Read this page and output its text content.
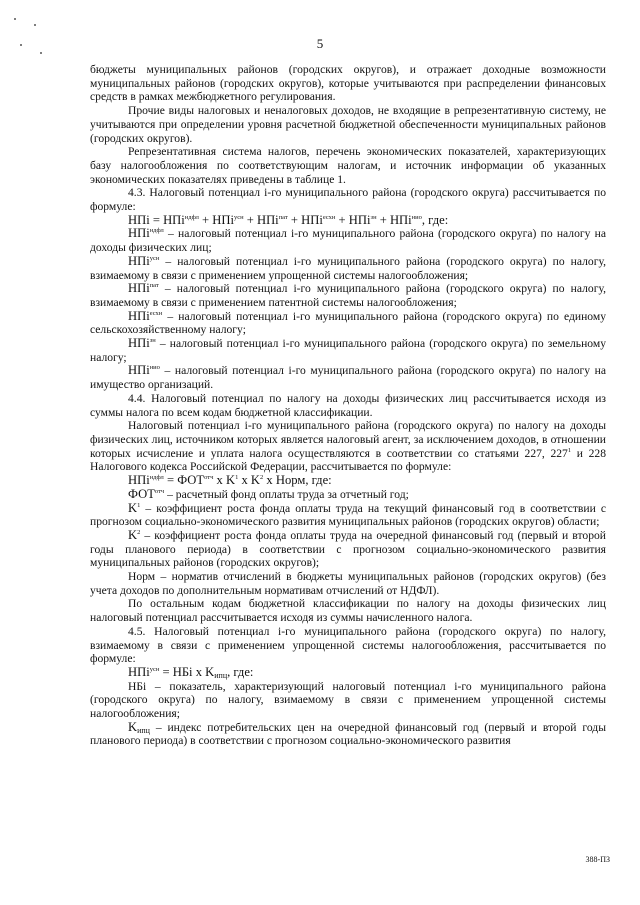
5

бюджеты муниципальных районов (городских округов), и отражает доходные возможности муниципальных районов (городских округов), которые учитываются при распределении финансовых средств в рамках межбюджетного регулирования.

Прочие виды налоговых и неналоговых доходов, не входящие в репрезентативную систему, не учитываются при определении уровня расчетной бюджетной обеспеченности муниципальных районов (городских округов).

Репрезентативная система налогов, перечень экономических показателей, характеризующих базу налогообложения по соответствующим налогам, и источник информации об указанных экономических показателях приведены в таблице 1.

4.3. Налоговый потенциал i-го муниципального района (городского округа) рассчитывается по формуле:

НПi = НПi$^{ндфл}$ + НПi$^{усн}$ + НПi$^{пат}$ + НПi$^{есхн}$ + НПi$^{зн}$ + НПi$^{нио}$, где:

НПi$^{ндфл}$ – налоговый потенциал i-го муниципального района (городского округа) по налогу на доходы физических лиц;

НПi$^{усн}$ – налоговый потенциал i-го муниципального района (городского округа) по налогу, взимаемому в связи с применением упрощенной системы налогообложения;

НПi$^{пат}$ – налоговый потенциал i-го муниципального района (городского округа) по налогу, взимаемому в связи с применением патентной системы налогообложения;

НПi$^{есхн}$ – налоговый потенциал i-го муниципального района (городского округа) по единому сельскохозяйственному налогу;

НПi$^{зн}$ – налоговый потенциал i-го муниципального района (городского округа) по земельному налогу;

НПi$^{нио}$ – налоговый потенциал i-го муниципального района (городского округа) по налогу на имущество организаций.

4.4. Налоговый потенциал по налогу на доходы физических лиц рассчитывается исходя из суммы налога по всем кодам бюджетной классификации.

Налоговый потенциал i-го муниципального района (городского округа) по налогу на доходы физических лиц, источником которых является налоговый агент, за исключением доходов, в отношении которых исчисление и уплата налога осуществляются в соответствии со статьями 227, $227^1$ и 228 Налогового кодекса Российской Федерации, рассчитывается по формуле:

$НПi^{ндфл} = ФОТ^{отч}$ x $K^1$ x $K^2$ x Норм, где:

$ФОТ^{отч}$ – расчетный фонд оплаты труда за отчетный год;

$K^1$ – коэффициент роста фонда оплаты труда на текущий финансовый год в соответствии с прогнозом социально-экономического развития муниципальных районов (городских округов) области;

$K^2$ – коэффициент роста фонда оплаты труда на очередной финансовый год (первый и второй годы планового периода) в соответствии с прогнозом социально-экономического развития муниципальных районов (городских округов);

Норм – норматив отчислений в бюджеты муниципальных районов (городских округов) (без учета доходов по дополнительным нормативам отчислений от НДФЛ).

По остальным кодам бюджетной классификации по налогу на доходы физических лиц налоговый потенциал рассчитывается исходя из суммы начисленного налога.

4.5. Налоговый потенциал i-го муниципального района (городского округа) по налогу, взимаемому в связи с применением упрощенной системы налогообложения, рассчитывается по формуле:

НПi$^{усн}$ = НБi x $K_{ипц}$, где:

НБi – показатель, характеризующий налоговый потенциал i-го муниципального района (городского округа) по налогу, взимаемому в связи с применением упрощенной системы налогообложения;

$K_{ипц}$ – индекс потребительских цен на очередной финансовый год (первый и второй годы планового периода) в соответствии с прогнозом социально-экономического развития

388-ПЗ
